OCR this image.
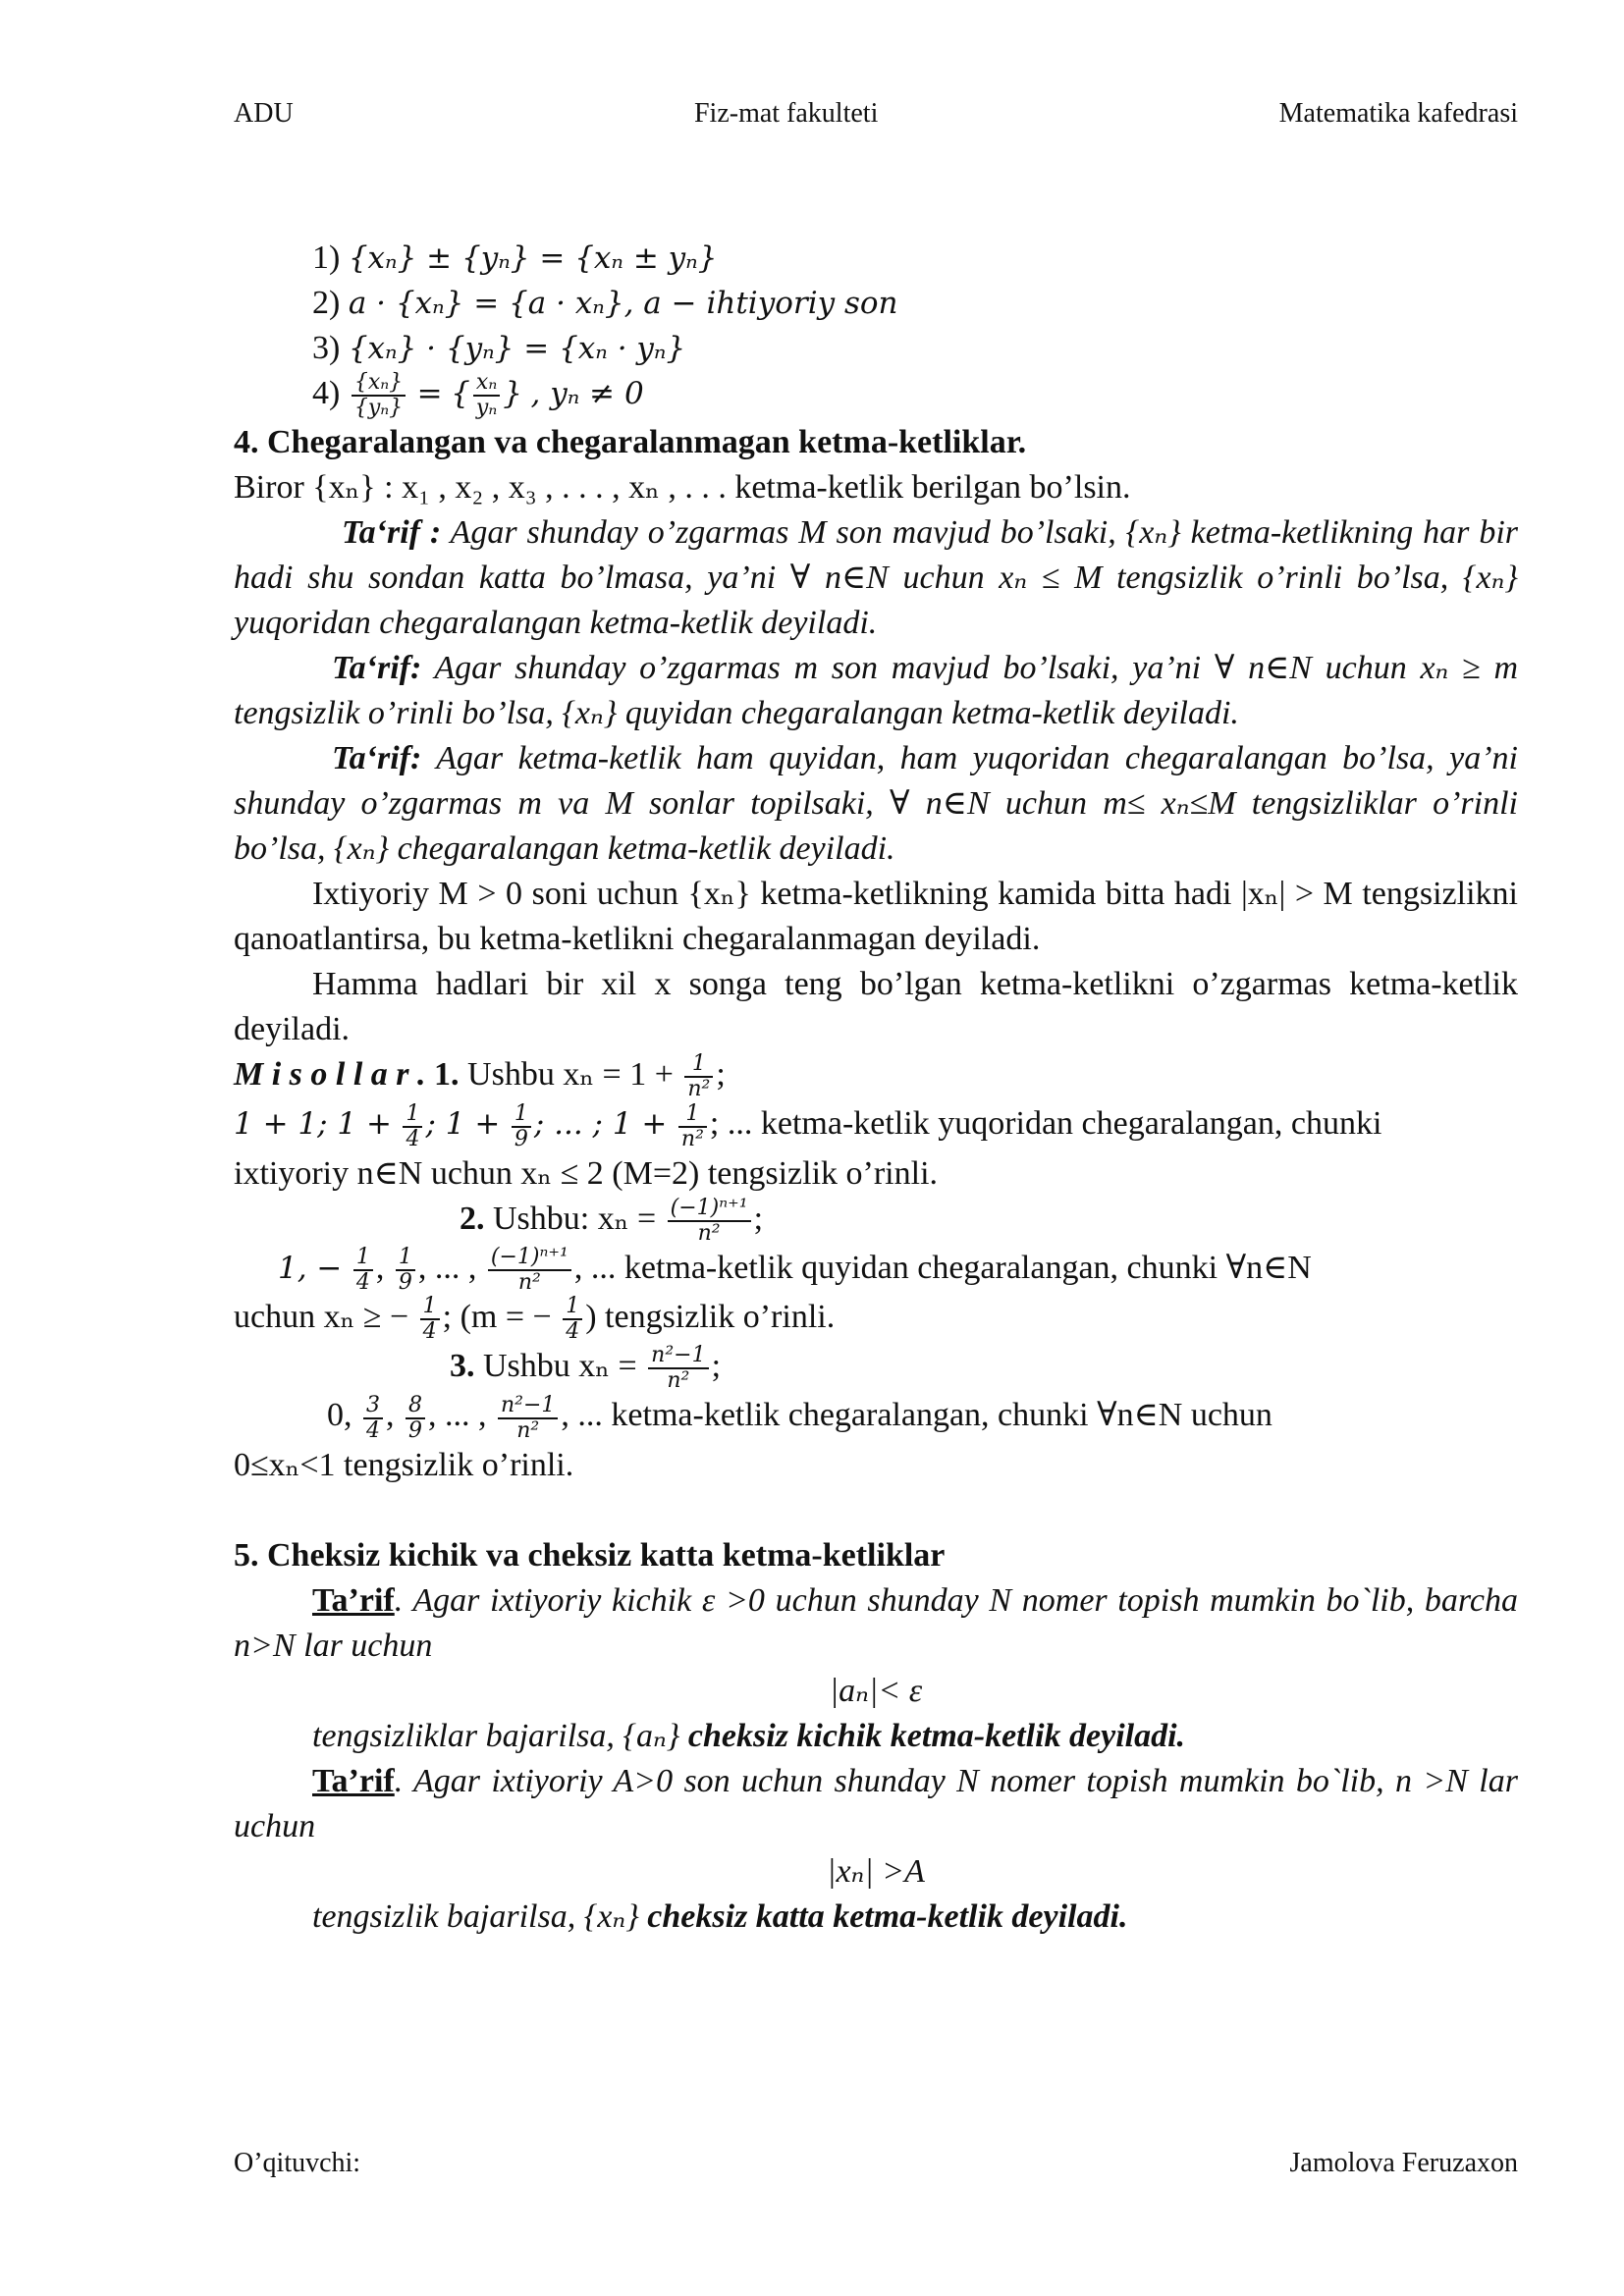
ADU	Fiz-mat fakulteti	Matematika kafedrasi

1) {xₙ} ± {yₙ} = {xₙ ± yₙ}

2) a · {xₙ} = {a · xₙ}, a − ihtiyoriy son

3) {xₙ} · {yₙ} = {xₙ · yₙ}

$4) \frac{\text{\{xₙ\}}}{\text{\{yₙ\}}}$ = { $\frac{\text{xₙ}}{\text{yₙ}}$ } , yₙ ≠ 0

4. Chegaralangan va chegaralanmagan ketma-ketliklar.

Biror {xₙ} : x₁ , x₂ , x₃ , . . . , xₙ , . . . ketma-ketlik berilgan bo’lsin.

Ta‘rif : Agar shunday o’zgarmas M son mavjud bo’lsaki, {xₙ} ketma-ketlikning har bir hadi shu sondan katta bo’lmasa, ya’ni ∀ n∈N uchun xₙ ≤ M tengsizlik o’rinli bo’lsa, {xₙ} yuqoridan chegaralangan ketma-ketlik deyiladi.

Ta‘rif: Agar shunday o’zgarmas m son mavjud bo’lsaki, ya’ni ∀ n∈N uchun xₙ ≥ m tengsizlik o’rinli bo’lsa, {xₙ} quyidan chegaralangan ketma-ketlik deyiladi.

Ta‘rif: Agar ketma-ketlik ham quyidan, ham yuqoridan chegaralangan bo’lsa, ya’ni shunday o’zgarmas m va M sonlar topilsaki, ∀ n∈N uchun m≤ xₙ≤M tengsizliklar o’rinli bo’lsa, {xₙ} chegaralangan ketma-ketlik deyiladi.

Ixtiyoriy M > 0 soni uchun {xₙ} ketma-ketlikning kamida bitta hadi |xₙ| > M tengsizlikni qanoatlantirsa, bu ketma-ketlikni chegaralanmagan deyiladi.

Hamma hadlari bir xil x songa teng bo’lgan ketma-ketlikni o’zgarmas ketma-ketlik deyiladi.

M i s o l l a r . 1. Ushbu $x_n = 1 + \frac{1}{\text{n²}}$ ;

1 + 1; $1 + \frac{1}{4}$ ; $1 + \frac{1}{9}$ ; ... ; $1 + \frac{1}{\text{n²}}$ ; ... ketma-ketlik yuqoridan chegaralangan, chunki

ixtiyoriy n∈N uchun xₙ ≤ 2 (M=2) tengsizlik o’rinli.

2. Ushbu: $x_n = \frac{\text{(−1)ⁿ⁺¹}}{\text{n²}}$ ;

1, − $\frac{1}{4}$ , $\frac{1}{9}$ , ... , $\frac{\text{(−1)ⁿ⁺¹}}{\text{n²}}$ , ... ketma-ketlik quyidan chegaralangan, chunki ∀n∈N

uchun xₙ ≥ − $\frac{1}{4}$ ; (m = − $\frac{1}{4}$ ) tengsizlik o’rinli.

3. Ushbu $x_n = \frac{\text{n²−1}}{\text{n²}}$ ;

0, $\frac{3}{4}$ , $\frac{8}{9}$ , ... , $\frac{\text{n²−1}}{\text{n²}}$ , ... ketma-ketlik chegaralangan, chunki ∀n∈N uchun

0≤xₙ<1 tengsizlik o’rinli.

5. Cheksiz kichik va cheksiz katta ketma-ketliklar

Ta’rif. Agar ixtiyoriy kichik ε >0 uchun shunday N nomer topish mumkin bo`lib, barcha n>N lar uchun

|aₙ|< ε

tengsizliklar bajarilsa, {aₙ} cheksiz kichik ketma-ketlik deyiladi.

Ta’rif. Agar ixtiyoriy A>0 son uchun shunday N nomer topish mumkin bo`lib, n >N lar uchun

|xₙ| >A

tengsizlik bajarilsa, {xₙ} cheksiz katta ketma-ketlik deyiladi.

O’qituvchi:	Jamolova Feruzaxon
